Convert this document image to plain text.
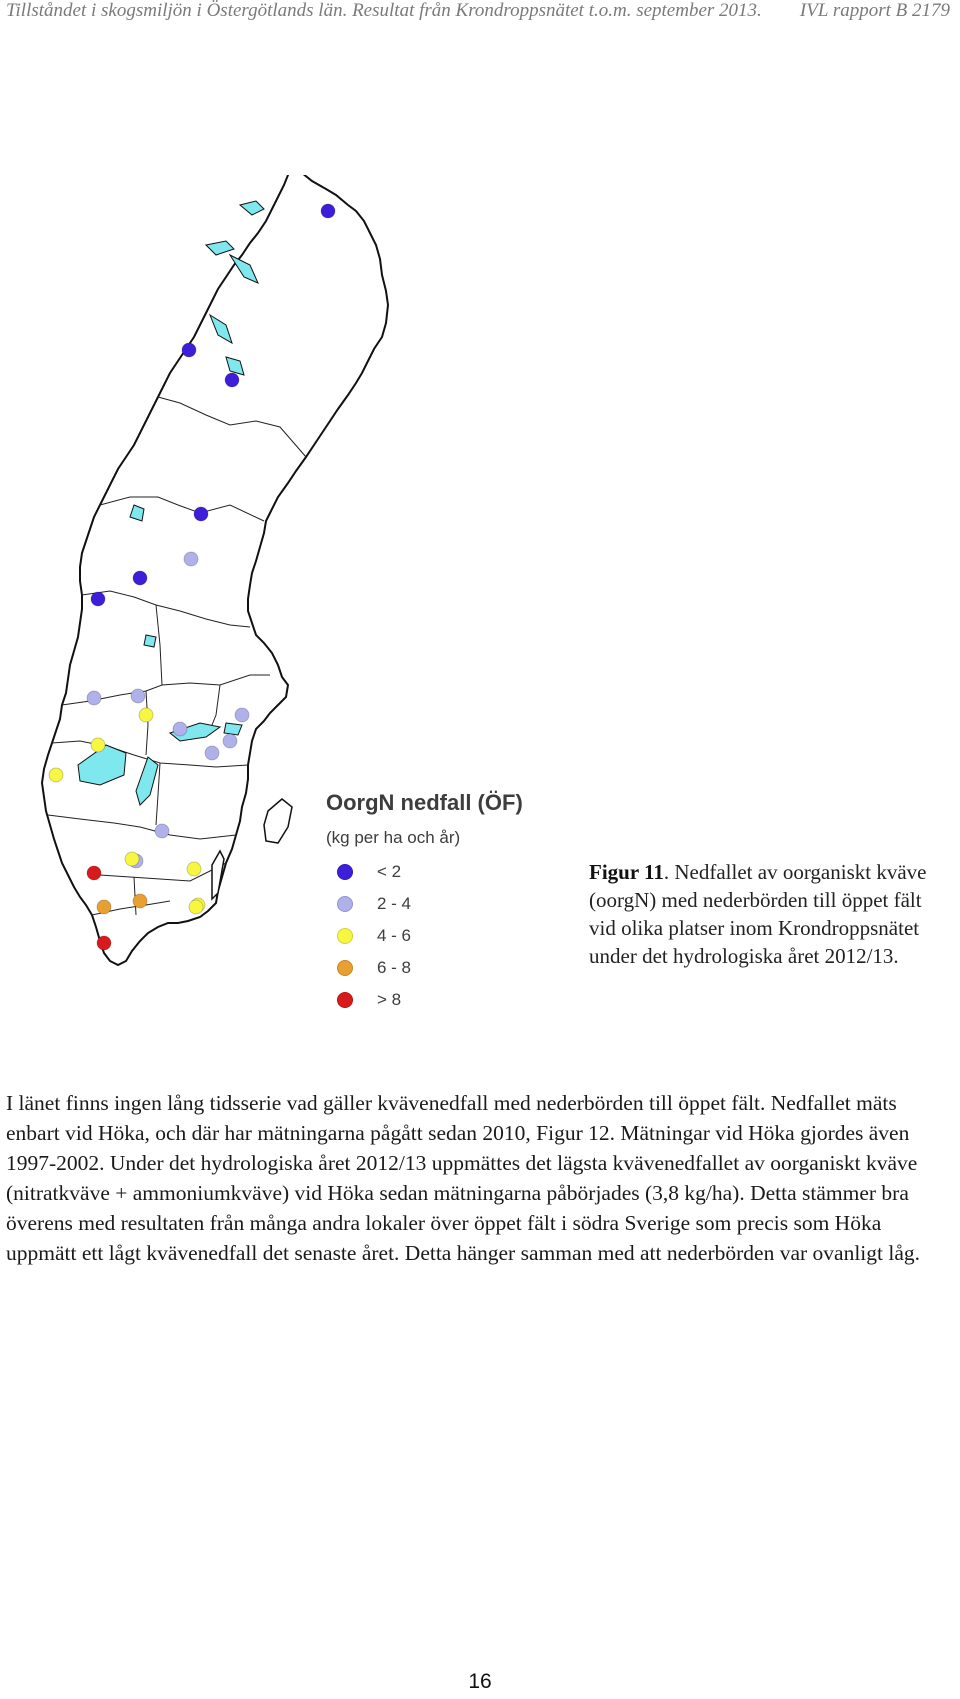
Tillståndet i skogsmiljön i Östergötlands län. Resultat från Krondroppsnätet t.o.m. september 2013. IVL rapport B 2179
OorgN nedfall (ÖF)
(kg per ha och år)
< 2
2 - 4
4 - 6
6 - 8
> 8
Figur 11. Nedfallet av oorganiskt kväve (oorgN) med nederbörden till öppet fält vid olika platser inom Krondroppsnätet under det hydrologiska året 2012/13.

I länet finns ingen lång tidsserie vad gäller kvävenedfall med nederbörden till öppet fält. Nedfallet mäts enbart vid Höka, och där har mätningarna pågått sedan 2010, Figur 12. Mätningar vid Höka gjordes även 1997-2002. Under det hydrologiska året 2012/13 uppmättes det lägsta kvävenedfallet av oorganiskt kväve (nitratkväve + ammoniumkväve) vid Höka sedan mätningarna påbörjades (3,8 kg/ha). Detta stämmer bra överens med resultaten från många andra lokaler över öppet fält i södra Sverige som precis som Höka uppmätt ett lågt kvävenedfall det senaste året. Detta hänger samman med att nederbörden var ovanligt låg.

16
